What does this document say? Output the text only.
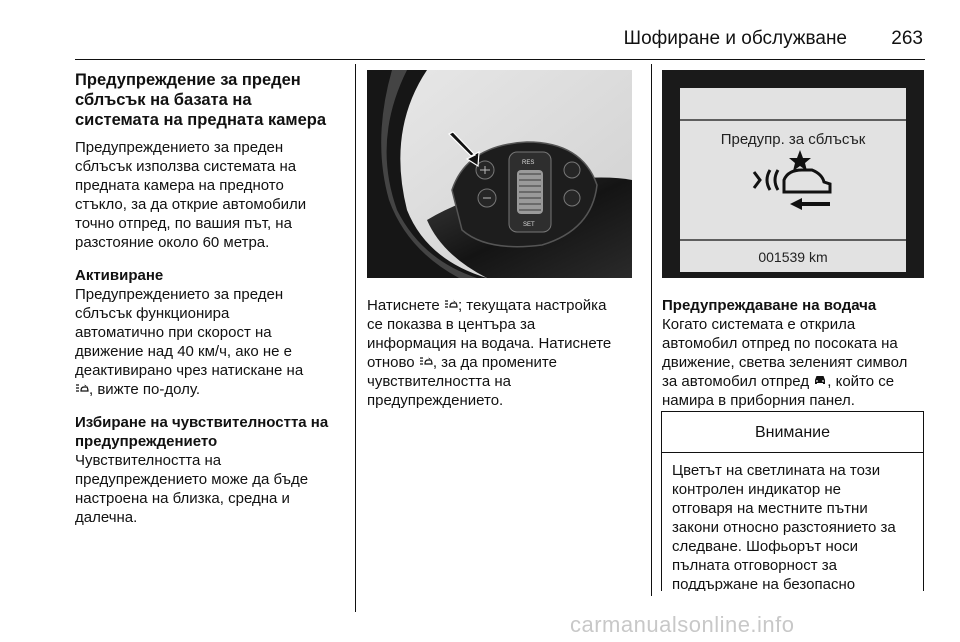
Шофиране и обслужване 263

Предупреждение за преден

сблъсък на базата на

системата на предната камера

Предупреждението за преден

сблъсък използва системата на

предната камера на предното

стъкло, за да открие автомобили

точно отпред, по вашия път, на

разстояние около 60 метра.

Активиране

Предупреждението за преден

сблъсък функционира

автоматично при скорост на

движение над 40 км/ч, ако не е

деактивирано чрез натискане на

, вижте по-долу.

Избиране на чувствителността на

предупреждението

Чувствителността на

предупреждението може да бъде

настроена на близка, средна и

далечна.

RES
SET

Натиснете ; текущата настройка

се показва в центъра за

информация на водача. Натиснете

отново , за да промените

чувствителността на

предупреждението.

Предупр. за сблъсък
001539 km

Предупреждаване на водача

Когато системата е открила

автомобил отпред по посоката на

движение, светва зеленият символ

за автомобил отпред , който се

намира в приборния панел.

Внимание

Цветът на светлината на този

контролен индикатор не

отговаря на местните пътни

закони относно разстоянието за

следване. Шофьорът носи

пълната отговорност за

поддържане на безопасно

carmanualsonline.info
